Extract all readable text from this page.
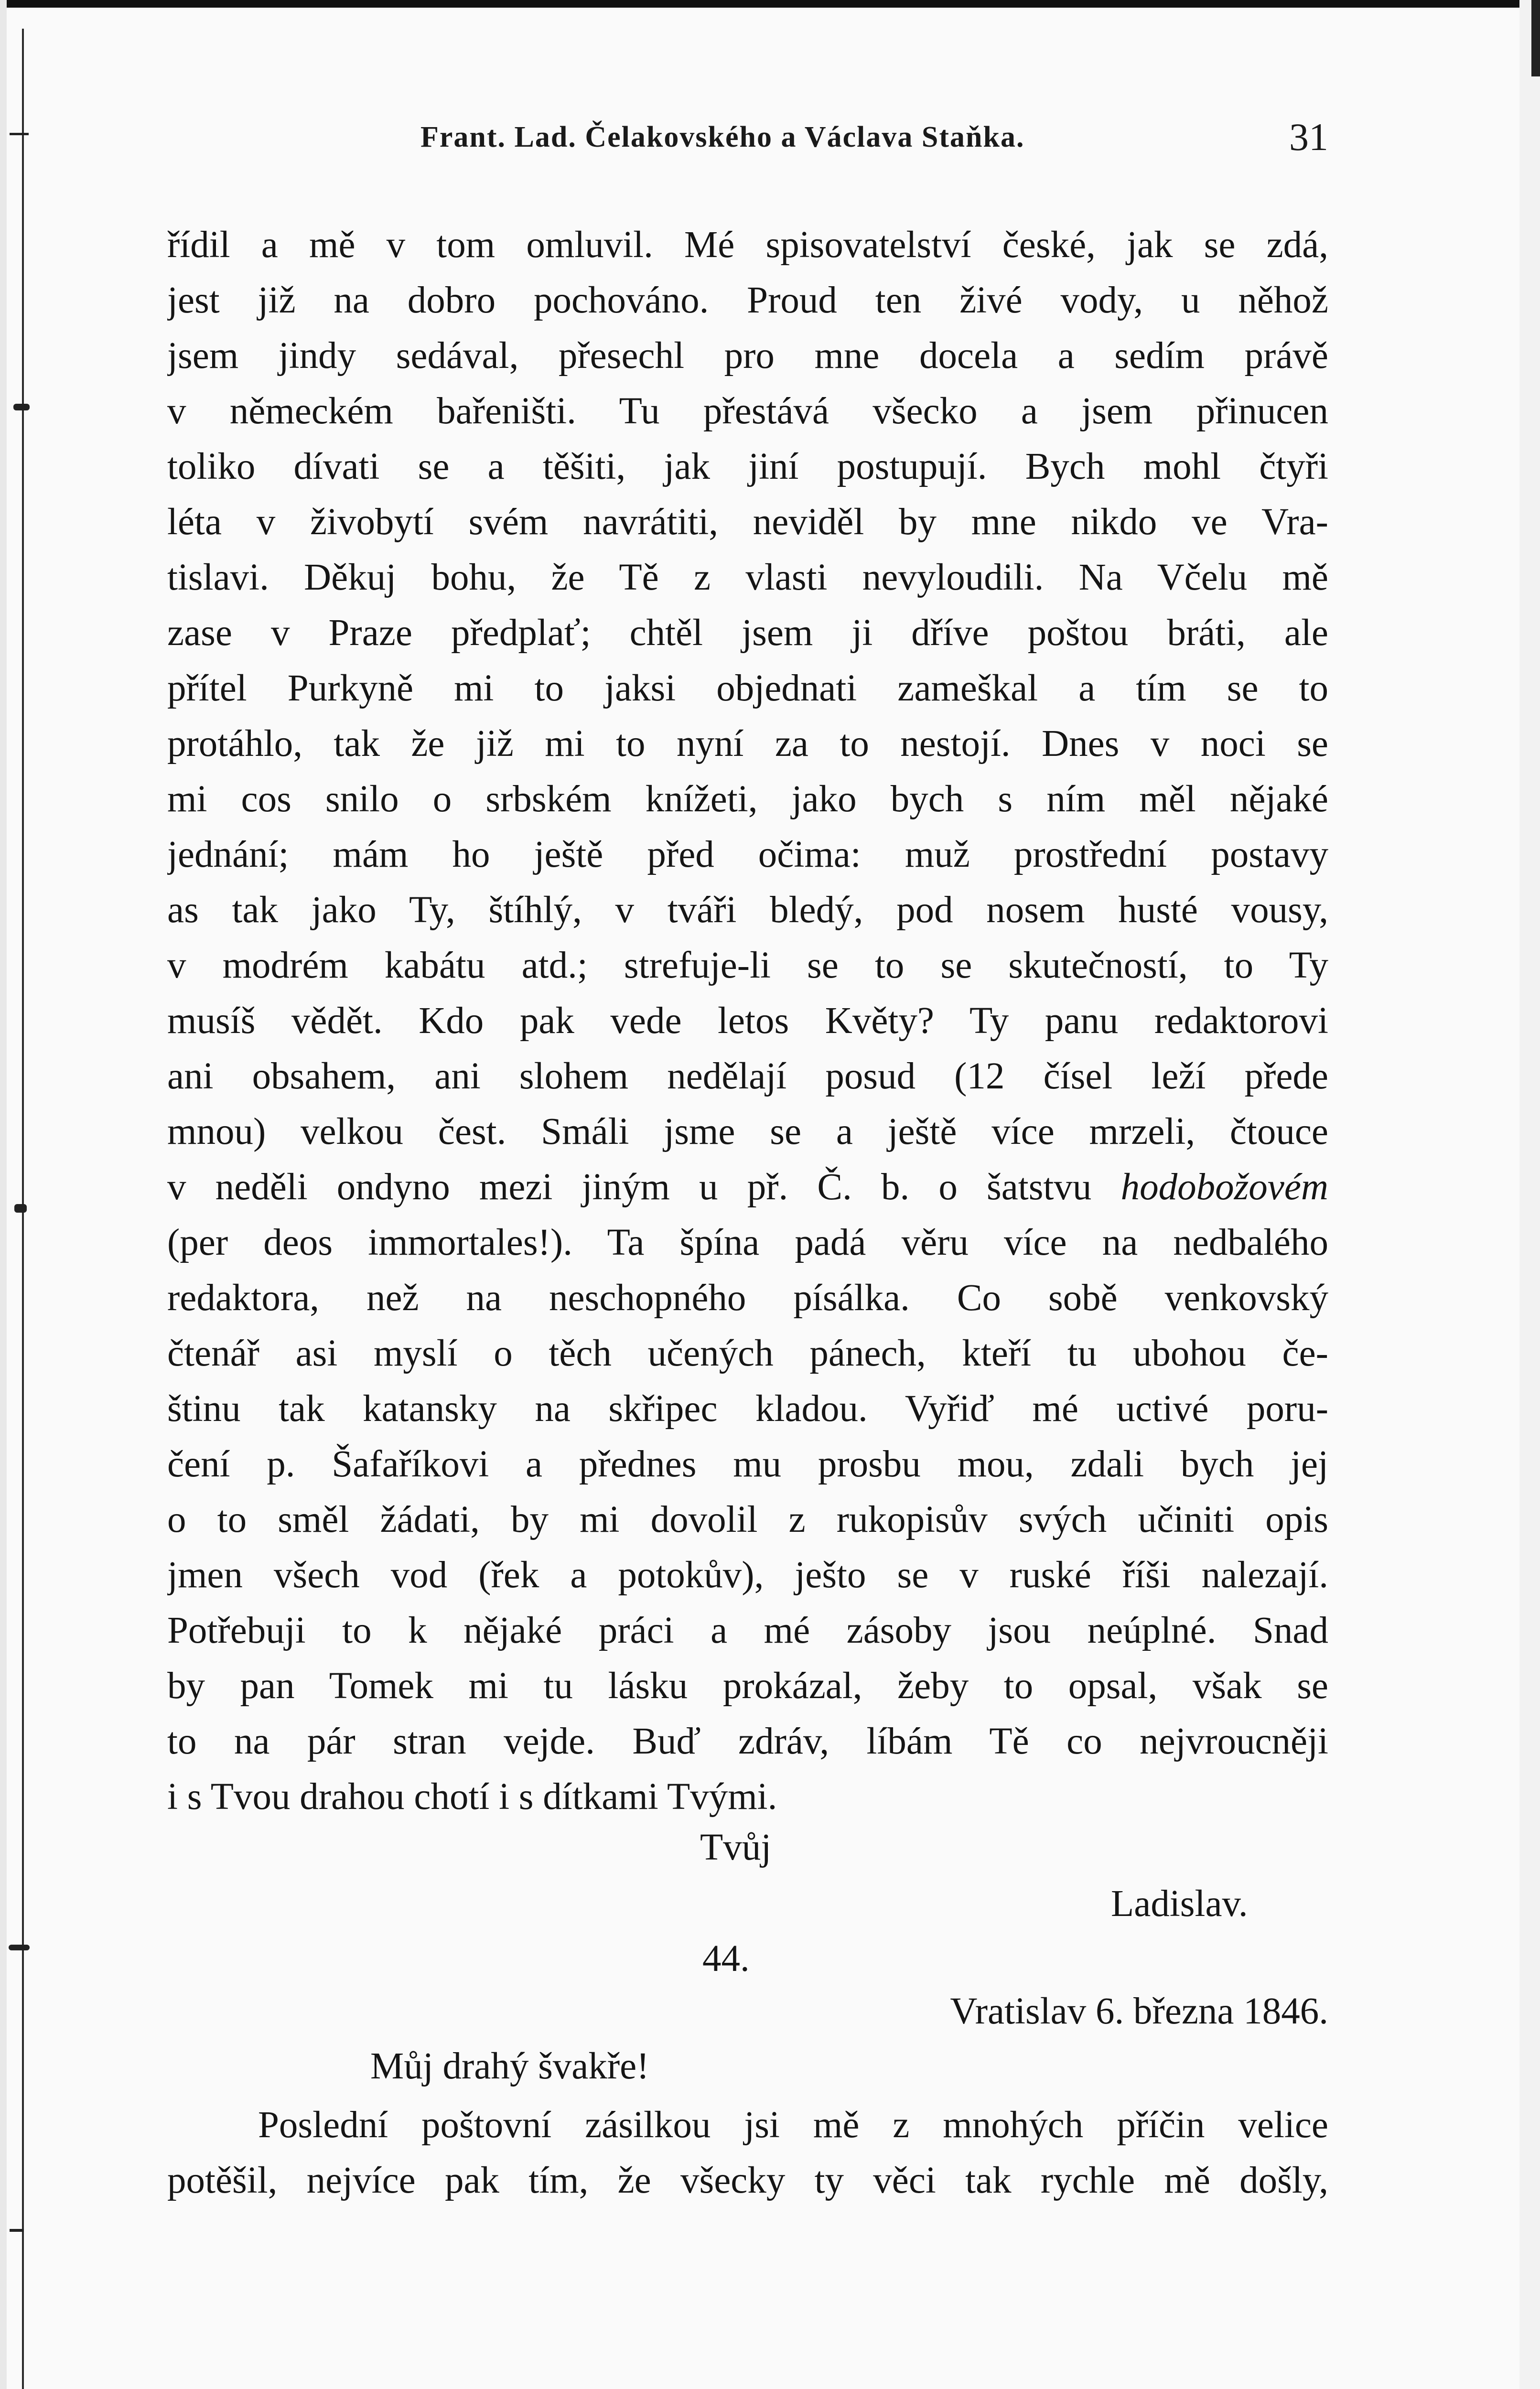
Frant. Lad. Čelakovského a Václava Staňka.	31
řídil a mě v tom omluvil. Mé spisovatelství české, jak se zdá,
jest již na dobro pochováno. Proud ten živé vody, u něhož
jsem jindy sedával, přesechl pro mne docela a sedím právě
v německém bařeništi. Tu přestává všecko a jsem přinucen
toliko dívati se a těšiti, jak jiní postupují. Bych mohl čtyři
léta v živobytí svém navrátiti, neviděl by mne nikdo ve Vra-
tislavi. Děkuj bohu, že Tě z vlasti nevyloudili. Na Včelu mě
zase v Praze předplať; chtěl jsem ji dříve poštou bráti, ale
přítel Purkyně mi to jaksi objednati zameškal a tím se to
protáhlo, tak že již mi to nyní za to nestojí. Dnes v noci se
mi cos snilo o srbském knížeti, jako bych s ním měl nějaké
jednání; mám ho ještě před očima: muž prostřední postavy
as tak jako Ty, štíhlý, v tváři bledý, pod nosem husté vousy,
v modrém kabátu atd.; strefuje-li se to se skutečností, to Ty
musíš vědět. Kdo pak vede letos Květy? Ty panu redaktorovi
ani obsahem, ani slohem nedělají posud (12 čísel leží přede
mnou) velkou čest. Smáli jsme se a ještě více mrzeli, čtouce
v neděli ondyno mezi jiným u př. Č. b. o šatstvu hodobožovém
(per deos immortales!). Ta špína padá věru více na nedbalého
redaktora, než na neschopného písálka. Co sobě venkovský
čtenář asi myslí o těch učených pánech, kteří tu ubohou če-
štinu tak katansky na skřipec kladou. Vyřiď mé uctivé poru-
čení p. Šafaříkovi a přednes mu prosbu mou, zdali bych jej
o to směl žádati, by mi dovolil z rukopisův svých učiniti opis
jmen všech vod (řek a potokův), ješto se v ruské říši nalezají.
Potřebuji to k nějaké práci a mé zásoby jsou neúplné. Snad
by pan Tomek mi tu lásku prokázal, žeby to opsal, však se
to na pár stran vejde. Buď zdráv, líbám Tě co nejvroucněji
i s Tvou drahou chotí i s dítkami Tvými.
Tvůj
Ladislav.
44.
Vratislav 6. března 1846.
Můj drahý švakře!
Poslední poštovní zásilkou jsi mě z mnohých příčin velice
potěšil, nejvíce pak tím, že všecky ty věci tak rychle mě došly,
